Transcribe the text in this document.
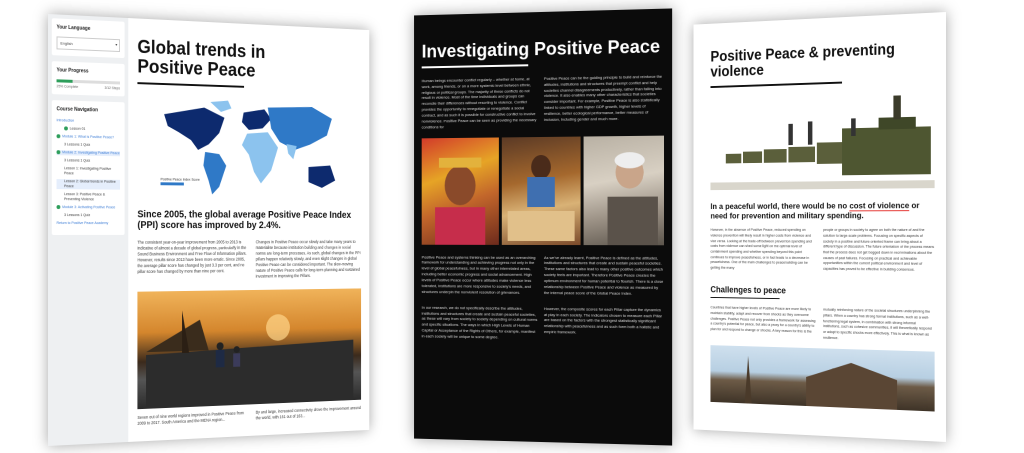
Your Language
English	▾
Your Progress
25% Complete	3/12 Steps
Course Navigation
Introduction
Lesson 01
Module 1: What is Positive Peace?
3 Lessons 1 Quiz
Module 2: Investigating Positive Peace
3 Lessons 1 Quiz
Lesson 1: Investigating Positive Peace
Lesson 2: Global trends in Positive Peace
Lesson 3: Positive Peace & Preventing Violence
Module 3: Activating Positive Peace
3 Lessons 1 Quiz
Return to Positive Peace Academy
Global trends in Positive Peace
Positive Peace Index Score
Since 2005, the global average Positive Peace Index (PPI) score has improved by 2.4%.

The consistent year-on-year improvement from 2005 to 2013 is indicative of almost a decade of global progress, particularly in the Sound Business Environment and Free Flow of Information pillars. However, results since 2013 have been more erratic. Since 2005, the average pillar score has changed by just 3.3 per cent, and no pillar score has changed by more than nine per cent.

Changes in Positive Peace occur slowly and take many years to materialise because institution building and changes in social norms are long-term processes. As such, global changes in the PPI pillars happen relatively slowly, and even slight changes in global Positive Peace can be considered important. The slow-moving nature of Positive Peace calls for long-term planning and sustained investment in improving the Pillars.

Seven out of nine world regions improved in Positive Peace from 2009 to 2017. South America and the MENA region...

By and large, increased connectivity drove the improvement around the world, with 161 out of 163...

Investigating Positive Peace

Human beings encounter conflict regularly – whether at home, at work, among friends, or on a more systemic level between ethnic, religious or political groups. The majority of these conflicts do not result in violence. Most of the time individuals and groups can reconcile their differences without resorting to violence. Conflict provides the opportunity to renegotiate or renegotiate a social contract, and as such it is possible for constructive conflict to involve nonviolence. Positive Peace can be seen as providing the necessary conditions for

Positive Peace can be the guiding principle to build and reinforce the attitudes, institutions and structures that preempt conflict and help societies channel disagreements productively, rather than falling into violence. It also enables many other characteristics that societies consider important. For example, Positive Peace is also statistically linked to countries with higher GDP growth, higher levels of resilience, better ecological performance, better measures of inclusion, including gender and much more.

Positive Peace and systems thinking can be used as an overarching framework for understanding and achieving progress not only in the level of global peacefulness, but in many other interrelated areas, including better economic progress and social advancement. High levels of Positive Peace occur where attitudes make violence less tolerated, institutions are more responsive to society's needs, and structures underpin the nonviolent resolution of grievances.

As we've already learnt, Positive Peace is defined as the attitudes, institutions and structures that create and sustain peaceful societies. These same factors also lead to many other positive outcomes which society feels are important. Therefore Positive Peace creates the optimum environment for human potential to flourish. There is a close relationship between Positive Peace and violence as measured by the internal peace score of the Global Peace Index.

In our research, we do not specifically describe the attitudes, institutions and structures that create and sustain peaceful societies, as these will vary from society to society depending on cultural norms and specific situations. The ways in which High Levels of Human Capital or Acceptance of the Rights of Others, for example, manifest in each society will be unique to some degree.

However, the composite scores for each Pillar capture the dynamics at play in each society. The indicators chosen to measure each Pillar are based on the factors with the strongest statistically significant relationship with peacefulness and as such form both a holistic and empiric framework.

Positive Peace & preventing violence
In a peaceful world, there would be no cost of violence or need for prevention and military spending.

However, in the absence of Positive Peace, reduced spending on violence prevention will likely result in higher costs from violence and vice versa. Looking at the trade-off between prevention spending and costs from violence can shed some light on the optimal level of containment spending and whether spending beyond this point continues to improve peacefulness, or in fact leads to a decrease in peacefulness. One of the main challenges to peacebuilding can be getting the many

people or groups in society to agree on both the nature of and the solution to large-scale problems. Focusing on specific aspects of society in a positive and future-oriented frame can bring about a different type of discussion. The future orientation of the process means that the process does not get bogged down in recriminations about the causes of past failures. Focusing on practical and achievable opportunities within the current political environment and level of capacities has proved to be effective in building consensus.

Challenges to peace

Countries that have higher levels of Positive Peace are more likely to maintain stability, adapt and recover from shocks as they overcome challenges. Positive Peace not only provides a framework for assessing a country's potential for peace, but also a proxy for a country's ability to plan for and respond to change or shocks. A key reason for this is the

mutually reinforcing nature of the societal structures underpinning the pillars. When a country has strong formal institutions, such as a well-functioning legal system, in combination with strong informal institutions, such as cohesive communities, it will theoretically respond or adapt to specific shocks more effectively. This is what is known as resilience.
